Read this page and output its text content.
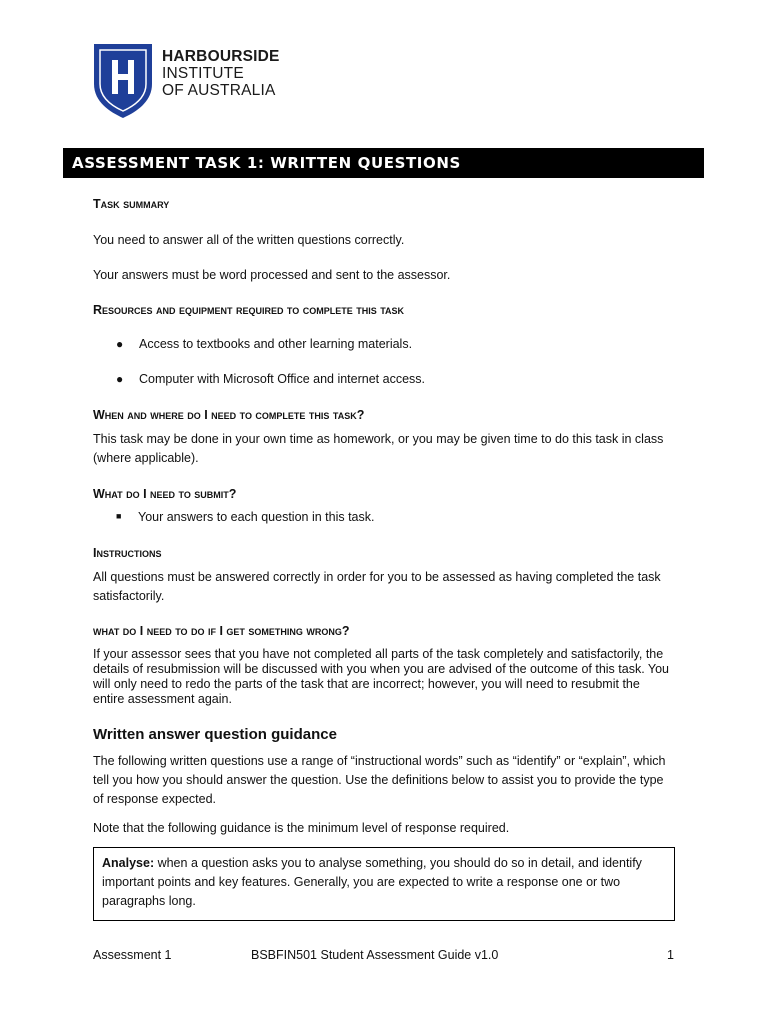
HARBOURSIDE
INSTITUTE
OF AUSTRALIA
ASSESSMENT TASK 1: WRITTEN QUESTIONS
Task summary
You need to answer all of the written questions correctly.
Your answers must be word processed and sent to the assessor.
Resources and equipment required to complete this task
● Access to textbooks and other learning materials.
● Computer with Microsoft Office and internet access.
When and where do I need to complete this task?
This task may be done in your own time as homework, or you may be given time to do this task in class (where applicable).
What do I need to submit?
■ Your answers to each question in this task.
Instructions
All questions must be answered correctly in order for you to be assessed as having completed the task satisfactorily.
what do I need to do if I get something wrong?
If your assessor sees that you have not completed all parts of the task completely and satisfactorily, the details of resubmission will be discussed with you when you are advised of the outcome of this task. You will only need to redo the parts of the task that are incorrect; however, you will need to resubmit the entire assessment again.
Written answer question guidance
The following written questions use a range of “instructional words” such as “identify” or “explain”, which tell you how you should answer the question. Use the definitions below to assist you to provide the type of response expected.
Note that the following guidance is the minimum level of response required.
Analyse: when a question asks you to analyse something, you should do so in detail, and identify important points and key features. Generally, you are expected to write a response one or two paragraphs long.
Assessment 1	BSBFIN501 Student Assessment Guide v1.0	1
